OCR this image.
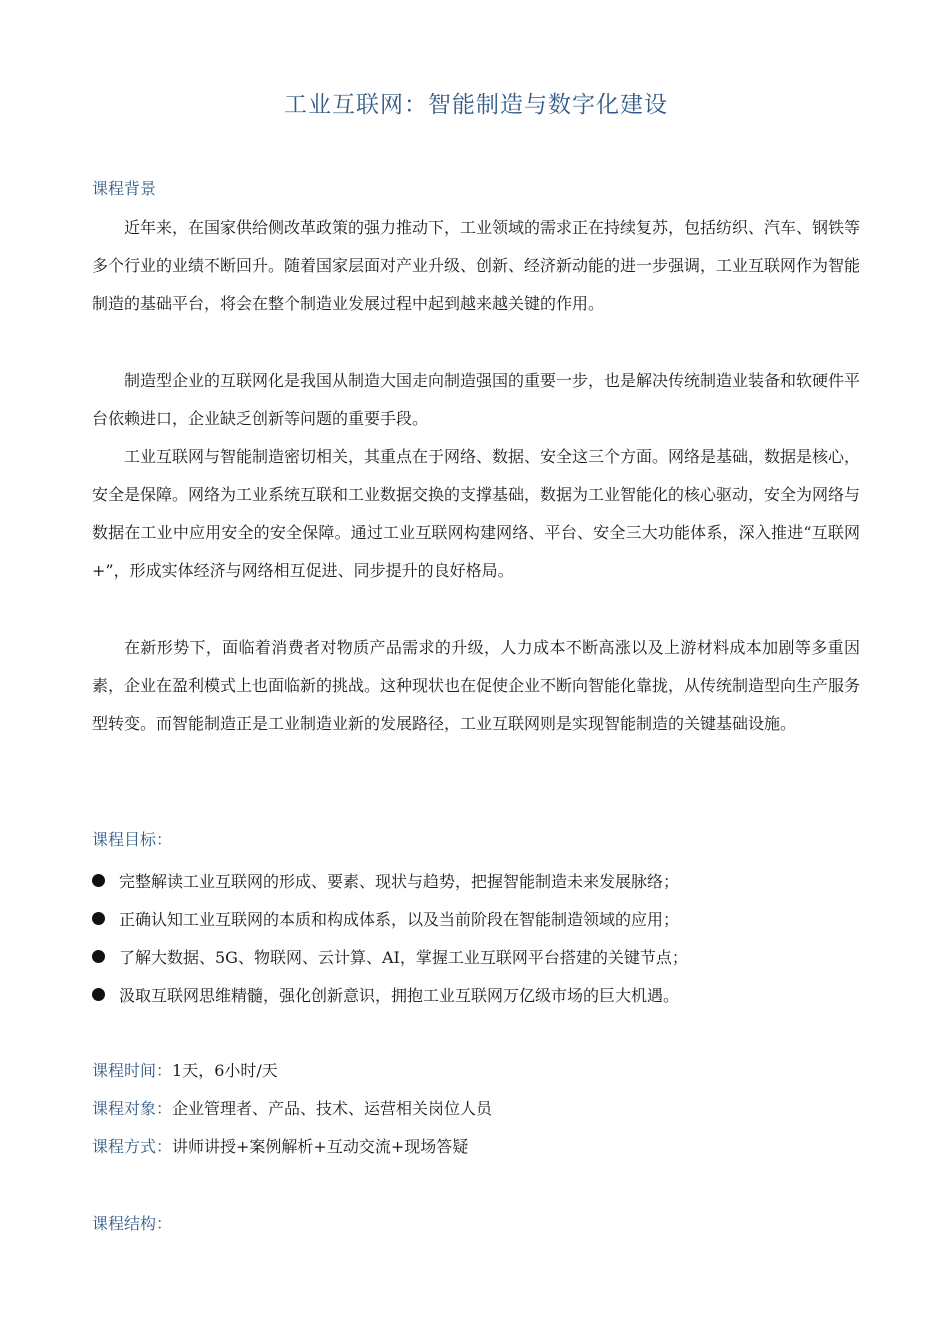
工业互联网：智能制造与数字化建设
课程背景

近年来，在国家供给侧改革政策的强力推动下，工业领域的需求正在持续复苏，包括纺织、汽车、钢铁等多个行业的业绩不断回升。随着国家层面对产业升级、创新、经济新动能的进一步强调，工业互联网作为智能制造的基础平台，将会在整个制造业发展过程中起到越来越关键的作用。

制造型企业的互联网化是我国从制造大国走向制造强国的重要一步，也是解决传统制造业装备和软硬件平台依赖进口，企业缺乏创新等问题的重要手段。

工业互联网与智能制造密切相关，其重点在于网络、数据、安全这三个方面。网络是基础，数据是核心，安全是保障。网络为工业系统互联和工业数据交换的支撑基础，数据为工业智能化的核心驱动，安全为网络与数据在工业中应用安全的安全保障。通过工业互联网构建网络、平台、安全三大功能体系，深入推进“互联网+”，形成实体经济与网络相互促进、同步提升的良好格局。

在新形势下，面临着消费者对物质产品需求的升级，人力成本不断高涨以及上游材料成本加剧等多重因素，企业在盈利模式上也面临新的挑战。这种现状也在促使企业不断向智能化靠拢，从传统制造型向生产服务型转变。而智能制造正是工业制造业新的发展路径，工业互联网则是实现智能制造的关键基础设施。

课程目标：
完整解读工业互联网的形成、要素、现状与趋势，把握智能制造未来发展脉络；
正确认知工业互联网的本质和构成体系，以及当前阶段在智能制造领域的应用；
了解大数据、5G、物联网、云计算、AI，掌握工业互联网平台搭建的关键节点；
汲取互联网思维精髓，强化创新意识，拥抱工业互联网万亿级市场的巨大机遇。
课程时间：1天，6小时/天
课程对象：企业管理者、产品、技术、运营相关岗位人员
课程方式：讲师讲授+案例解析+互动交流+现场答疑
课程结构：
